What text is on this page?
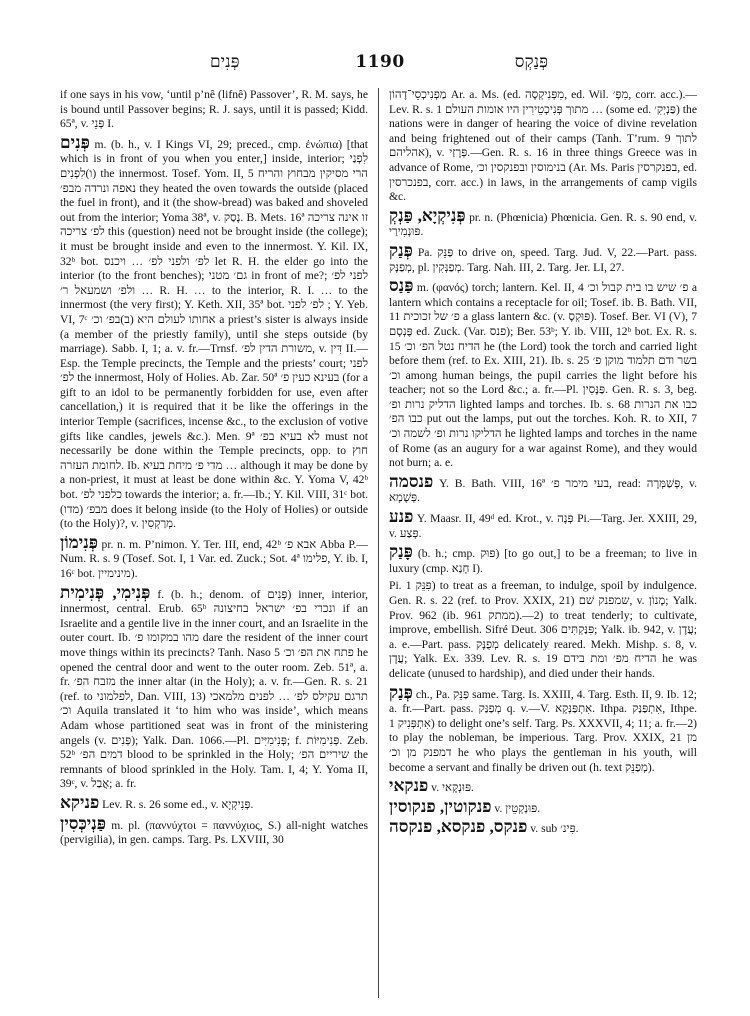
פְּנִים	1190	פְּנַקְס

if one says in his vow, ‘until p’nê (lifnê) Passover’, R. M. says, he is bound until Passover begins; R. J. says, until it is passed; Kidd. 65ª, v. פְּנֵי I.

פְּנִים m. (b. h., v. I Kings VI, 29; preced., cmp. ἐνώπια) [that which is in front of you when you enter,] inside, interior; לִפְנַי (ו)לִפְנִים the innermost. Tosef. Yom. II, 5 הרי מסיקין מבחוץ והריח נאפה ונרדה מבפ׳ they heated the oven towards the outside (placed the fuel in front), and it (the show-bread) was baked and shoveled out from the interior; Yoma 38ª, v. נָסַק. B. Mets. 16ª זו אינה צריכה לפ׳ צריכה this (question) need not be brought inside (the college); it must be brought inside and even to the innermost. Y. Kil. IX, 32ᵇ bot. לפ׳ ולפני לפ׳ … ויכנס let R. H. the elder go into the interior (to the front benches); גם׳ מטני in front of me?; לפני לפ׳ … ולפ׳ ושמעאל ר׳ R. H. … to the interior, R. I. … to the innermost (the very first); Y. Keth. XII, 35ª bot. לפ׳ לפני ; Y. Yeb. VI, 7ᶜ אחותו לעולם היא (ב)בפ׳ וכ׳ a priest’s sister is always inside (a member of the priestly family), until she steps outside (by marriage). Sabb. I, 1; a. v. fr.—Trnsf. משורת הדין לפ׳, v. דִּין II.—Esp. the Temple precincts, the Temple and the priests’ court; לפני לפ׳ the innermost, Holy of Holies. Ab. Zar. 50ª בעינא כעין פ׳ (for a gift to an idol to be permanently forbidden for use, even after cancellation,) it is required that it be like the offerings in the interior Temple (sacrifices, incense &c., to the exclusion of votive gifts like candles, jewels &c.). Men. 9ª לא בעיא בפ׳ must not necessarily be done within the Temple precincts, opp. to חוץ לחומת העזרה. Ib. מדי פ׳ מיחת בעיא … although it may be done by a non-priest, it must at least be done within &c. Y. Yoma V, 42ᵇ bot. כלפני לפ׳ towards the interior; a. fr.—Ib.; Y. Kil. VIII, 31ᶜ bot. מבפ׳ (מדו) does it belong inside (to the Holy of Holies) or outside (to the Holy)?, v. מְרַקְסִין.

פְּנִימוֹן pr. n. m. P’nimon. Y. Ter. III, end, 42ᵇ אבא פ׳ Abba P.—Num. R. s. 9 (Tosef. Sot. I, 1 Var. ed. Zuck.; Sot. 4ª פלימו, Y. ib. I, 16ᶜ bot. מינימיין).

פְּנִימִי, פְּנִימִית f. (b. h.; denom. of פְּנִים) inner, interior, innermost, central. Erub. 65ᵇ ונכרי בפ׳ ישראל בחיצונה if an Israelite and a gentile live in the inner court, and an Israelite in the outer court. Ib. מהו במקומו פ׳ dare the resident of the inner court move things within its precincts? Tanh. Naso 5 פתח את הפ׳ וכ׳ he opened the central door and went to the outer room. Zeb. 51ª, a. fr. מזבח הפ׳ the inner altar (in the Holy); a. v. fr.—Gen. R. s. 21 (ref. to לפלמוני, Dan. VIII, 13) תרגם עקילס לפ׳ … לפנים מלמאכי וכ׳ Aquila translated it ‘to him who was inside’, which means Adam whose partitioned seat was in front of the ministering angels (v. פְּנִים); Yalk. Dan. 1066.—Pl. פְּנִימִיִּים; f. פְּנִימִיּוֹת. Zeb. 52ᵇ דמים הפ׳ blood to be sprinkled in the Holy; שיריים הפ׳ the remnants of blood sprinkled in the Holy. Tam. I, 4; Y. Yoma II, 39ᶜ, v. אֲבַל; a. fr.

פניקא Lev. R. s. 26 some ed., v. פְּנִיקְיָא.

פַּנְיכְּסִין m. pl. (παννύχτοι = παννύχιος, S.) all-night watches (pervigilia), in gen. camps. Targ. Ps. LXVIII, 30

מַפְנִיכְסֵי־דָהוֹן Ar. a. Ms. (ed. מִפְּנִיקְסָה, ed. Wil. מִפְּ׳, corr. acc.).—Lev. R. s. 1 מתוך פְּנִיכְטֵירִין היו אומות העולם … (some ed. פַּנְיְקִ׳) the nations were in danger of hearing the voice of divine revelation and being frightened out of their camps (Tanh. T’rum. 9 לתוך אהליהם), v. פְּרָזַי.—Gen. R. s. 16 in three things Greece was in advance of Rome, בנימוסין ובפנקסין וכ׳ (Ar. Ms. Paris בפנקרסין, ed. בפנכרסין, corr. acc.) in laws, in the arrangements of camp vigils &c.

פְּנִיקְיָא, פַּנְקְ pr. n. (Phœnicia) Phœnicia. Gen. R. s. 90 end, v. פּוּנְמִירַי.

פְּנַק Pa. פַּנֵּק to drive on, speed. Targ. Jud. V, 22.—Part. pass. מְפַנָּק, pl. מְפַנְּקִין. Targ. Nah. III, 2. Targ. Jer. LI, 27.

פַּנַס m. (φανός) torch; lantern. Kel. II, 4 פ׳ שיש בו בית קבול וכ׳ a lantern which contains a receptacle for oil; Tosef. ib. B. Bath. VII, 11 פ׳ של זכוכית a glass lantern &c. (v. פּוּקְסָ). Tosef. Ber. VI (V), 7 פֶּנְסָם ed. Zuck. (Var. פנס); Ber. 53ᵇ; Y. ib. VIII, 12ᵇ bot. Ex. R. s. 15 הדיח נטל הפ׳ וכ׳ he (the Lord) took the torch and carried light before them (ref. to Ex. XIII, 21). Ib. s. 25 בשר ודם תלמוד מוקן פ׳ וכ׳ among human beings, the pupil carries the light before his teacher; not so the Lord &c.; a. fr.—Pl. פַּנָּסִין. Gen. R. s. 3, beg. הדליק נרות ופ׳ lighted lamps and torches. Ib. s. 68 כבו את הנרות כבו הפ׳ put out the lamps, put out the torches. Koh. R. to XII, 7 הדליקו נרות ופ׳ לשמה וכ׳ he lighted lamps and torches in the name of Rome (as an augury for a war against Rome), and they would not burn; a. e.

פנסמה Y. B. Bath. VIII, 16ª בעי מימר פ׳, read: פְּשַׁמְּרָה, v. פְּשָׁמָא.

פנע Y. Maasr. II, 49ᵈ ed. Krot., v. פְּנָה Pi.—Targ. Jer. XXIII, 29, v. פְּצַע.

פָּנַק (b. h.; cmp. פּוּק) [to go out,] to be a freeman; to live in luxury (cmp. חָנַא I).

Pi. פִּנֵּק 1) to treat as a freeman, to indulge, spoil by indulgence. Gen. R. s. 22 (ref. to Prov. XXIX, 21) שמפנק שׁם, v. מָנוֹן; Yalk. Prov. 962 (ib. 961 ממתק).—2) to treat tenderly; to cultivate, improve, embellish. Sifré Deut. 306 פִּנַּקְתִּים; Yalk. ib. 942, v. עֲדָן; a. e.—Part. pass. מְפֻנָּק delicately reared. Mekh. Mishp. s. 8, v. עֲדָן; Yalk. Ex. 339. Lev. R. s. 19 הדיח מפ׳ ומת בידם he was delicate (unused to hardship), and died under their hands.

פְּנַק ch., Pa. פַּנֵּק same. Targ. Is. XXIII, 4. Targ. Esth. II, 9. Ib. 12; a. fr.—Part. pass. מְפַנַּק q. v.—V. אִתְפַּנְּקָא. Ithpa. אִתְפַּנַּק, Ithpe. אִתְפְּנִיק 1) to delight one’s self. Targ. Ps. XXXVII, 4; 11; a. fr.—2) to play the nobleman, be imperious. Targ. Prov. XXIX, 21 מן דמפנק מן וכ׳ he who plays the gentleman in his youth, will become a servant and finally be driven out (h. text מְפַנֵּק).

פנקאי v. פּוּנְקָאי.

פנקוטין, פנקוסין v. פּוּנְקְטֵין.

פנקס, פנקסא, פנקסה v. sub פִּינ׳.
